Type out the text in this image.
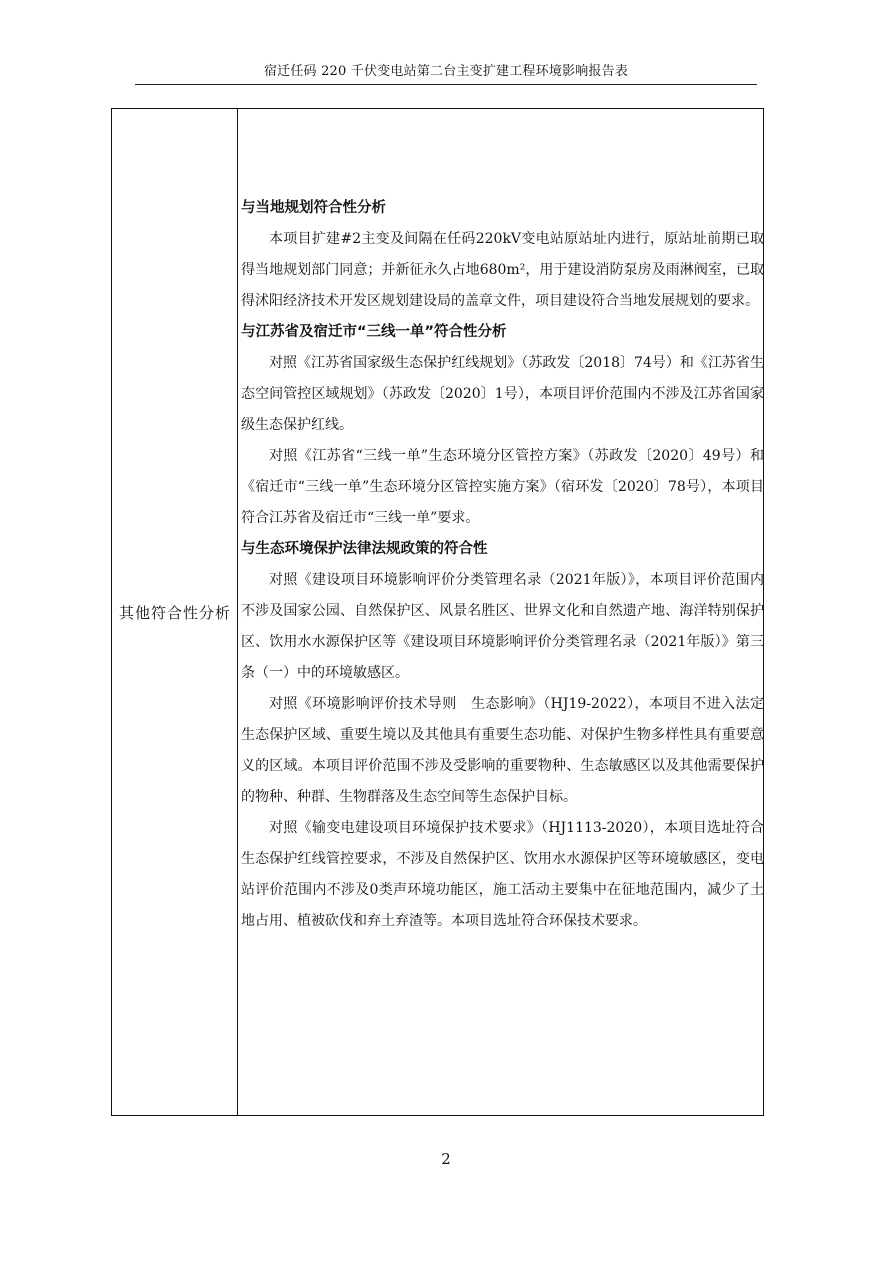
宿迁任码 220 千伏变电站第二台主变扩建工程环境影响报告表
其他符合性分析
与当地规划符合性分析

本项目扩建#2主变及间隔在任码220kV变电站原站址内进行，原站址前期已取得当地规划部门同意；并新征永久占地680m²，用于建设消防泵房及雨淋阀室，已取得沭阳经济技术开发区规划建设局的盖章文件，项目建设符合当地发展规划的要求。

与江苏省及宿迁市“三线一单”符合性分析

对照《江苏省国家级生态保护红线规划》（苏政发〔2018〕74号）和《江苏省生态空间管控区域规划》（苏政发〔2020〕1号），本项目评价范围内不涉及江苏省国家级生态保护红线。

对照《江苏省“三线一单”生态环境分区管控方案》（苏政发〔2020〕49号）和《宿迁市“三线一单”生态环境分区管控实施方案》（宿环发〔2020〕78号），本项目符合江苏省及宿迁市“三线一单”要求。

与生态环境保护法律法规政策的符合性

对照《建设项目环境影响评价分类管理名录（2021年版）》，本项目评价范围内不涉及国家公园、自然保护区、风景名胜区、世界文化和自然遗产地、海洋特别保护区、饮用水水源保护区等《建设项目环境影响评价分类管理名录（2021年版）》第三条（一）中的环境敏感区。

对照《环境影响评价技术导则　生态影响》（HJ19-2022），本项目不进入法定生态保护区域、重要生境以及其他具有重要生态功能、对保护生物多样性具有重要意义的区域。本项目评价范围不涉及受影响的重要物种、生态敏感区以及其他需要保护的物种、种群、生物群落及生态空间等生态保护目标。

对照《输变电建设项目环境保护技术要求》（HJ1113-2020），本项目选址符合生态保护红线管控要求，不涉及自然保护区、饮用水水源保护区等环境敏感区，变电站评价范围内不涉及0类声环境功能区，施工活动主要集中在征地范围内，减少了土地占用、植被砍伐和弃土弃渣等。本项目选址符合环保技术要求。

2
